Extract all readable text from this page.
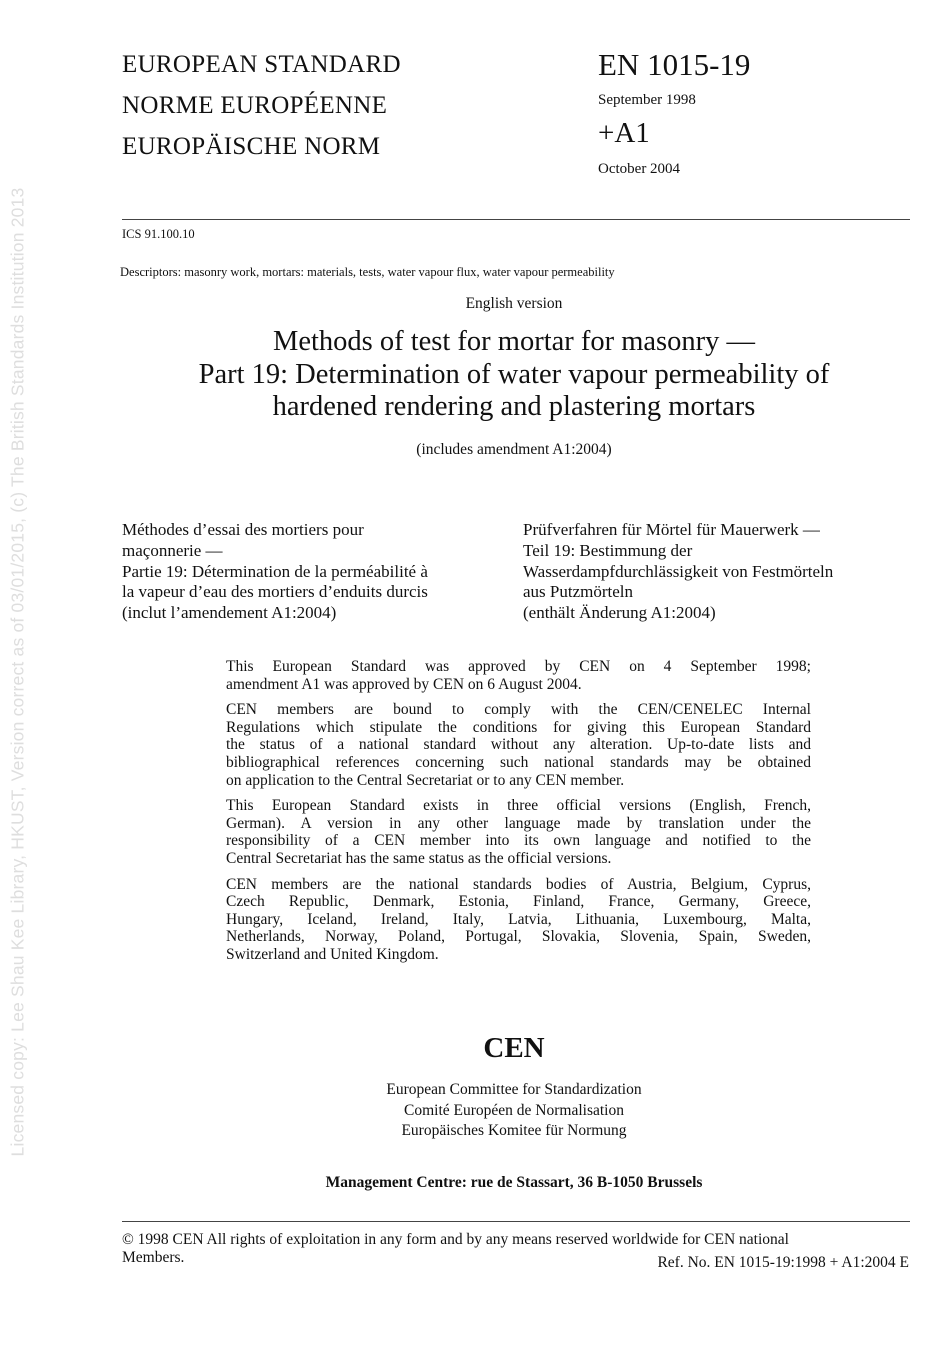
Licensed copy: Lee Shau Kee Library, HKUST, Version correct as of 03/01/2015, (c) The British Standards Institution 2013
EUROPEAN STANDARD
NORME EUROPÉENNE
EUROPÄISCHE NORM
EN 1015-19
September 1998
+A1
October 2004
ICS 91.100.10
Descriptors: masonry work, mortars: materials, tests, water vapour flux, water vapour permeability
English version
Methods of test for mortar for masonry —
Part 19: Determination of water vapour permeability of
hardened rendering and plastering mortars
(includes amendment A1:2004)
Méthodes d’essai des mortiers pour
maçonnerie —
Partie 19: Détermination de la perméabilité à
la vapeur d’eau des mortiers d’enduits durcis
(inclut l’amendement A1:2004)
Prüfverfahren für Mörtel für Mauerwerk —
Teil 19: Bestimmung der
Wasserdampfdurchlässigkeit von Festmörteln
aus Putzmörteln
(enthält Änderung A1:2004)

This European Standard was approved by CEN on 4 September 1998;
amendment A1 was approved by CEN on 6 August 2004.

CEN members are bound to comply with the CEN/CENELEC Internal
Regulations which stipulate the conditions for giving this European Standard
the status of a national standard without any alteration. Up-to-date lists and
bibliographical references concerning such national standards may be obtained
on application to the Central Secretariat or to any CEN member.

This European Standard exists in three official versions (English, French,
German). A version in any other language made by translation under the
responsibility of a CEN member into its own language and notified to the
Central Secretariat has the same status as the official versions.

CEN members are the national standards bodies of Austria, Belgium, Cyprus,
Czech Republic, Denmark, Estonia, Finland, France, Germany, Greece,
Hungary, Iceland, Ireland, Italy, Latvia, Lithuania, Luxembourg, Malta,
Netherlands, Norway, Poland, Portugal, Slovakia, Slovenia, Spain, Sweden,
Switzerland and United Kingdom.

CEN
European Committee for Standardization
Comité Européen de Normalisation
Europäisches Komitee für Normung
Management Centre: rue de Stassart, 36 B-1050 Brussels
© 1998 CEN All rights of exploitation in any form and by any means reserved worldwide for CEN national
Members.	Ref. No. EN 1015-19:1998 + A1:2004 E
